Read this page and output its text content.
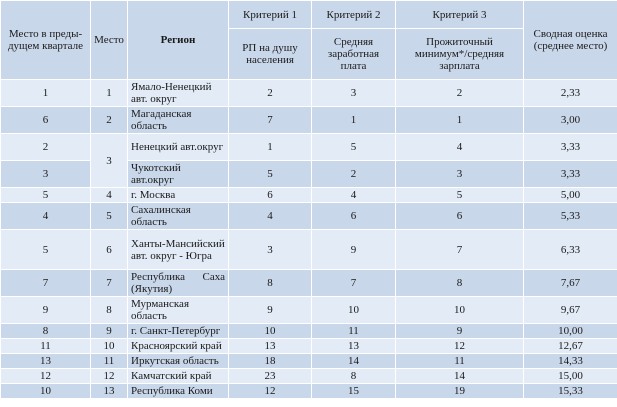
Место в преды-дущем квартале	Место	Регион	Критерий 1	Критерий 2	Критерий 3	Сводная оценка (среднее место)
			РП на душу населения	Средняя заработная плата	Прожиточный минимум*/средняя зарплата	
1	1	Ямало-Ненецкий авт. округ	2	3	2	2,33
6	2	Магаданская область	7	1	1	3,00
2	3	Ненецкий авт.округ	1	5	4	3,33
3		Чукотский авт.округ	5	2	3	3,33
5	4	г. Москва	6	4	5	5,00
4	5	Сахалинская область	4	6	6	5,33
5	6	Ханты-Мансийский авт. округ - Югра	3	9	7	6,33
7	7	Республика Саха (Якутия)	8	7	8	7,67
9	8	Мурманская область	9	10	10	9,67
8	9	г. Санкт-Петербург	10	11	9	10,00
11	10	Красноярский край	13	13	12	12,67
13	11	Иркутская область	18	14	11	14,33
12	12	Камчатский край	23	8	14	15,00
10	13	Республика Коми	12	15	19	15,33
